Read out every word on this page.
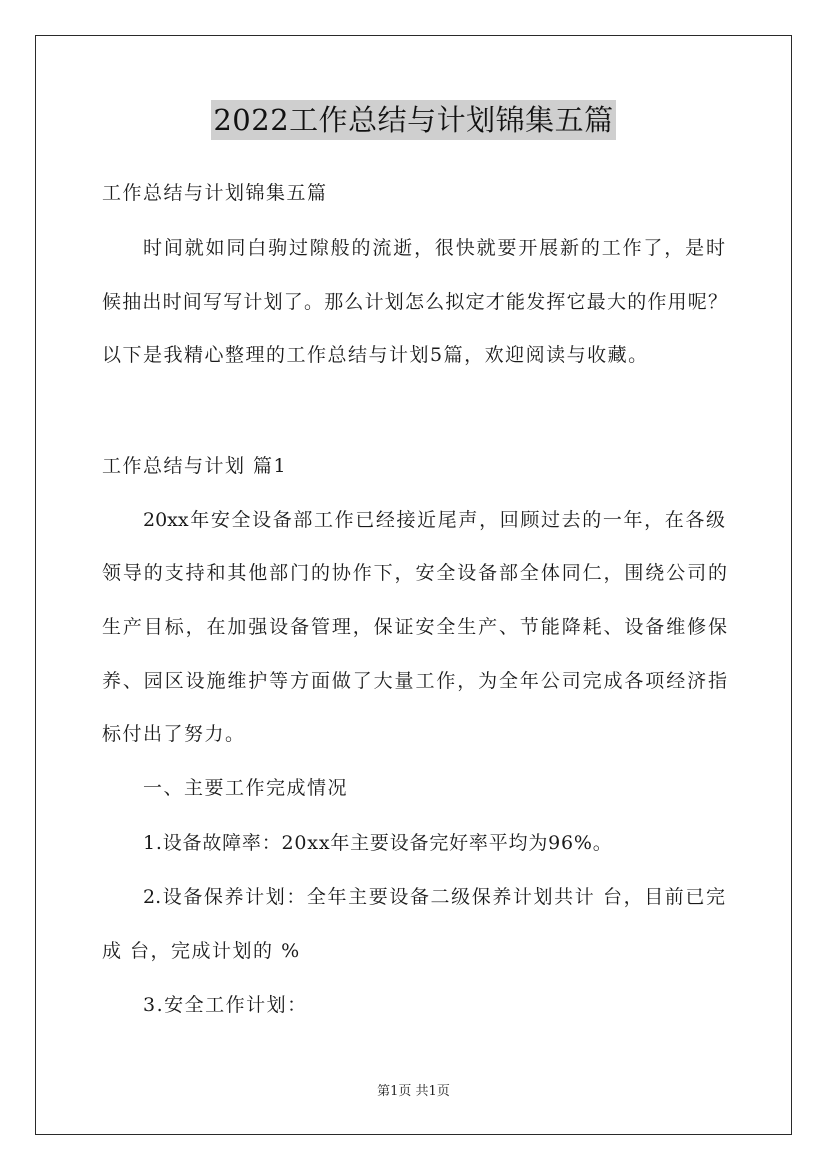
2022工作总结与计划锦集五篇
工作总结与计划锦集五篇
时间就如同白驹过隙般的流逝，很快就要开展新的工作了，是时
候抽出时间写写计划了。那么计划怎么拟定才能发挥它最大的作用呢？
以下是我精心整理的工作总结与计划5篇，欢迎阅读与收藏。
工作总结与计划 篇1
20xx年安全设备部工作已经接近尾声，回顾过去的一年，在各级
领导的支持和其他部门的协作下，安全设备部全体同仁，围绕公司的
生产目标，在加强设备管理，保证安全生产、节能降耗、设备维修保
养、园区设施维护等方面做了大量工作，为全年公司完成各项经济指
标付出了努力。
一、主要工作完成情况
1.设备故障率：20xx年主要设备完好率平均为96%。
2.设备保养计划：全年主要设备二级保养计划共计 台，目前已完
成 台，完成计划的 %
3.安全工作计划：
第1页 共1页
